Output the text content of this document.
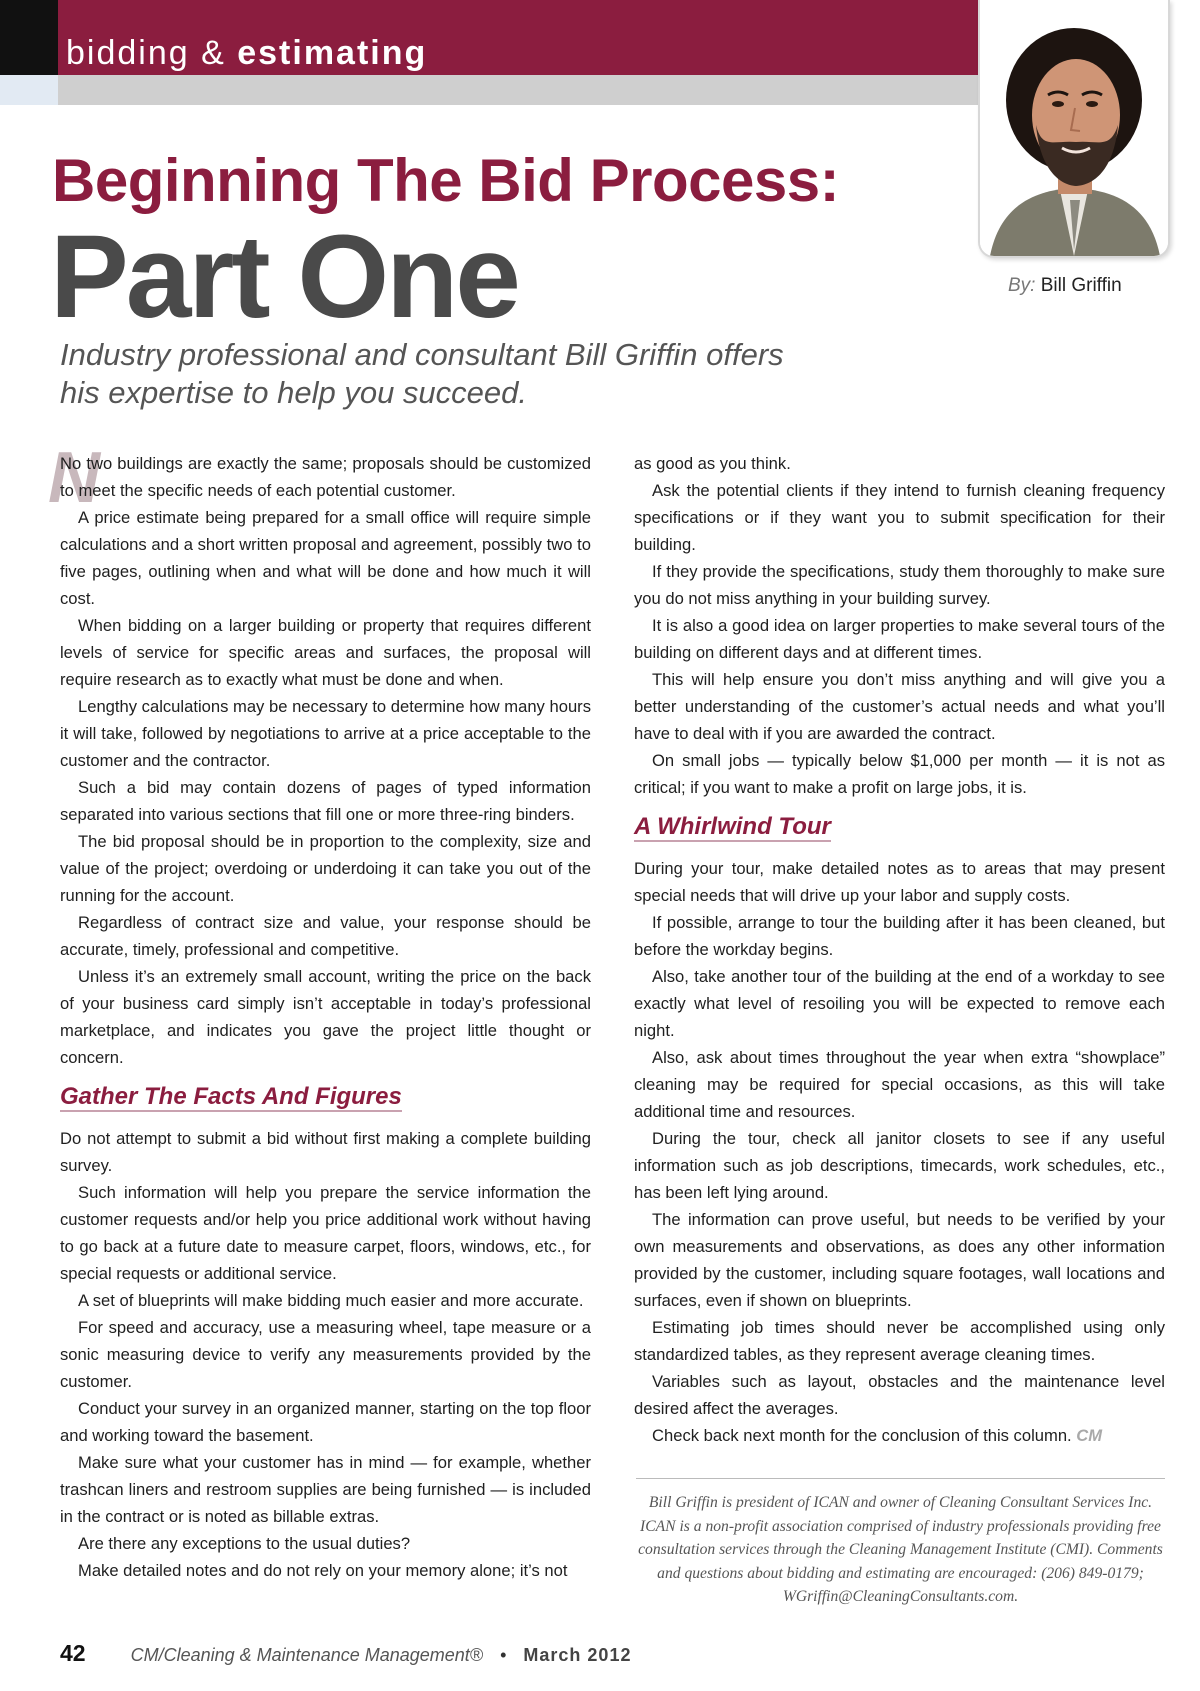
bidding & estimating
By: Bill Griffin
Beginning The Bid Process:
Part One
Industry professional and consultant Bill Griffin offers his expertise to help you succeed.
N

No two buildings are exactly the same; proposals should be customized to meet the specific needs of each potential customer.

A price estimate being prepared for a small office will require simple calculations and a short written proposal and agreement, possibly two to five pages, outlining when and what will be done and how much it will cost.

When bidding on a larger building or property that requires different levels of service for specific areas and surfaces, the proposal will require research as to exactly what must be done and when.

Lengthy calculations may be necessary to determine how many hours it will take, followed by negotiations to arrive at a price acceptable to the customer and the contractor.

Such a bid may contain dozens of pages of typed information separated into various sections that fill one or more three-ring binders.

The bid proposal should be in proportion to the complexity, size and value of the project; overdoing or underdoing it can take you out of the running for the account.

Regardless of contract size and value, your response should be accurate, timely, professional and competitive.

Unless it’s an extremely small account, writing the price on the back of your business card simply isn’t acceptable in today’s professional marketplace, and indicates you gave the project little thought or concern.

Gather The Facts And Figures

Do not attempt to submit a bid without first making a complete building survey.

Such information will help you prepare the service information the customer requests and/or help you price additional work without having to go back at a future date to measure carpet, floors, windows, etc., for special requests or additional service.

A set of blueprints will make bidding much easier and more accurate.

For speed and accuracy, use a measuring wheel, tape measure or a sonic measuring device to verify any measurements provided by the customer.

Conduct your survey in an organized manner, starting on the top floor and working toward the basement.

Make sure what your customer has in mind — for example, whether trashcan liners and restroom supplies are being furnished — is included in the contract or is noted as billable extras.

Are there any exceptions to the usual duties?

Make detailed notes and do not rely on your memory alone; it’s not

as good as you think.

Ask the potential clients if they intend to furnish cleaning frequency specifications or if they want you to submit specification for their building.

If they provide the specifications, study them thoroughly to make sure you do not miss anything in your building survey.

It is also a good idea on larger properties to make several tours of the building on different days and at different times.

This will help ensure you don’t miss anything and will give you a better understanding of the customer’s actual needs and what you’ll have to deal with if you are awarded the contract.

On small jobs — typically below $1,000 per month — it is not as critical; if you want to make a profit on large jobs, it is.

A Whirlwind Tour

During your tour, make detailed notes as to areas that may present special needs that will drive up your labor and supply costs.

If possible, arrange to tour the building after it has been cleaned, but before the workday begins.

Also, take another tour of the building at the end of a workday to see exactly what level of resoiling you will be expected to remove each night.

Also, ask about times throughout the year when extra “showplace” cleaning may be required for special occasions, as this will take additional time and resources.

During the tour, check all janitor closets to see if any useful information such as job descriptions, timecards, work schedules, etc., has been left lying around.

The information can prove useful, but needs to be verified by your own measurements and observations, as does any other information provided by the customer, including square footages, wall locations and surfaces, even if shown on blueprints.

Estimating job times should never be accomplished using only standardized tables, as they represent average cleaning times.

Variables such as layout, obstacles and the maintenance level desired affect the averages.

Check back next month for the conclusion of this column. CM

Bill Griffin is president of ICAN and owner of Cleaning Consultant Services Inc. ICAN is a non-profit association comprised of industry professionals providing free consultation services through the Cleaning Management Institute (CMI). Comments and questions about bidding and estimating are encouraged: (206) 849-0179; WGriffin@CleaningConsultants.com.
42	CM/Cleaning & Maintenance Management® • March 2012
